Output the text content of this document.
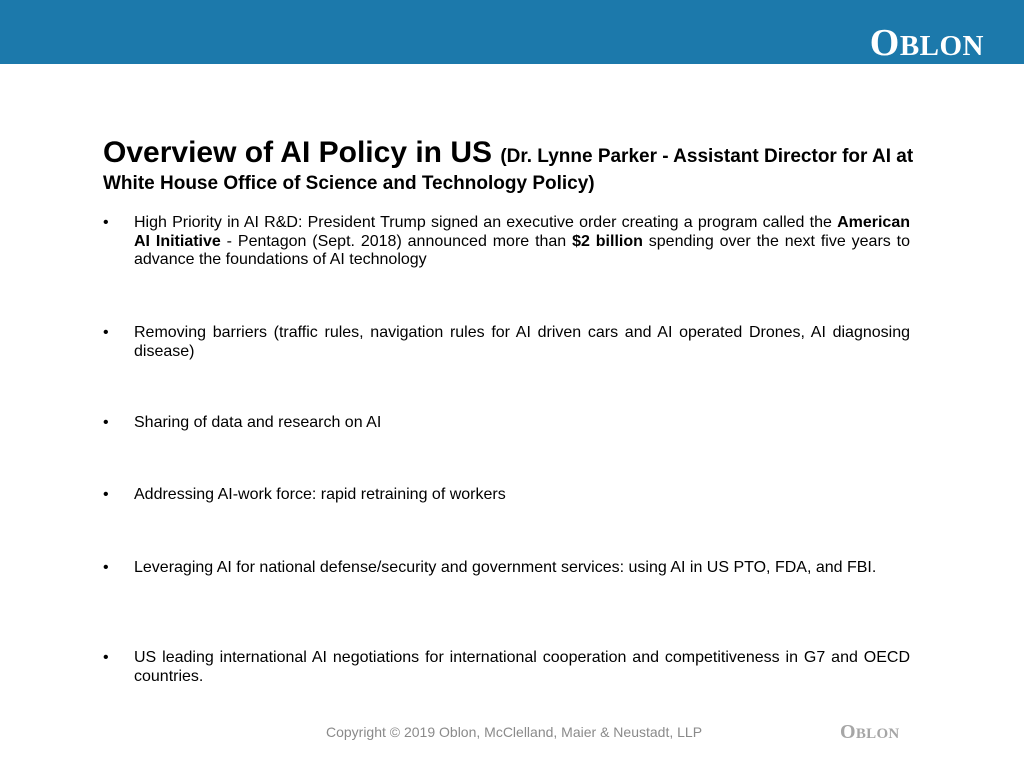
OBLON
Overview of AI Policy in US (Dr. Lynne Parker - Assistant Director for AI at White House Office of Science and Technology Policy)
•	High Priority in AI R&D: President Trump signed an executive order creating a program called the American AI Initiative - Pentagon (Sept. 2018) announced more than $2 billion spending over the next five years to advance the foundations of AI technology
•	Removing barriers (traffic rules, navigation rules for AI driven cars and AI operated Drones, AI diagnosing disease)
•	Sharing of data and research on AI
•	Addressing AI-work force: rapid retraining of workers
•	Leveraging AI for national defense/security and government services: using AI in US PTO, FDA, and FBI.
•	US leading international AI negotiations for international cooperation and competitiveness in G7 and OECD countries.
Copyright © 2019 Oblon, McClelland, Maier & Neustadt, LLP	OBLON
